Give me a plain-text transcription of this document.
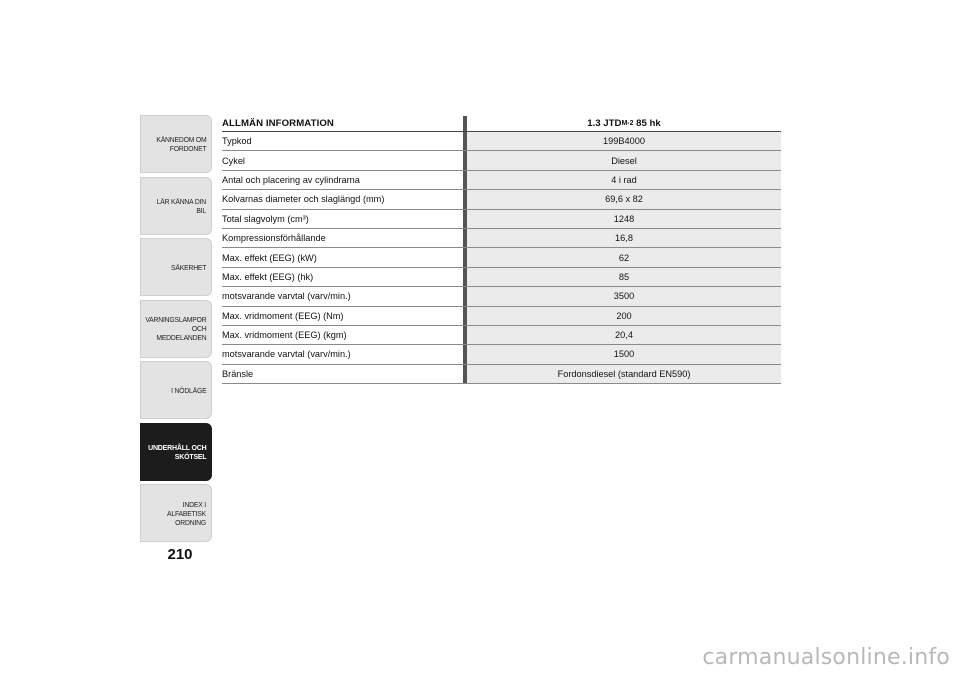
KÄNNEDOM OM
FORDONET
LÄR KÄNNA DIN BIL
SÄKERHET
VARNINGSLAMPOR
OCH MEDDELANDEN
I NÖDLÄGE
UNDERHÅLL OCH
SKÖTSEL
INDEX I ALFABETISK
ORDNING
210
ALLMÄN INFORMATION	1.3 JTD M-2 85 hk
Typkod	199B4000
Cykel	Diesel
Antal och placering av cylindrarna	4 i rad
Kolvarnas diameter och slaglängd (mm)	69,6 x 82
Total slagvolym (cm³)	1248
Kompressionsförhållande	16,8
Max. effekt (EEG) (kW)	62
Max. effekt (EEG) (hk)	85
motsvarande varvtal (varv/min.)	3500
Max. vridmoment (EEG) (Nm)	200
Max. vridmoment (EEG) (kgm)	20,4
motsvarande varvtal (varv/min.)	1500
Bränsle	Fordonsdiesel (standard EN590)
carmanualsonline.info
